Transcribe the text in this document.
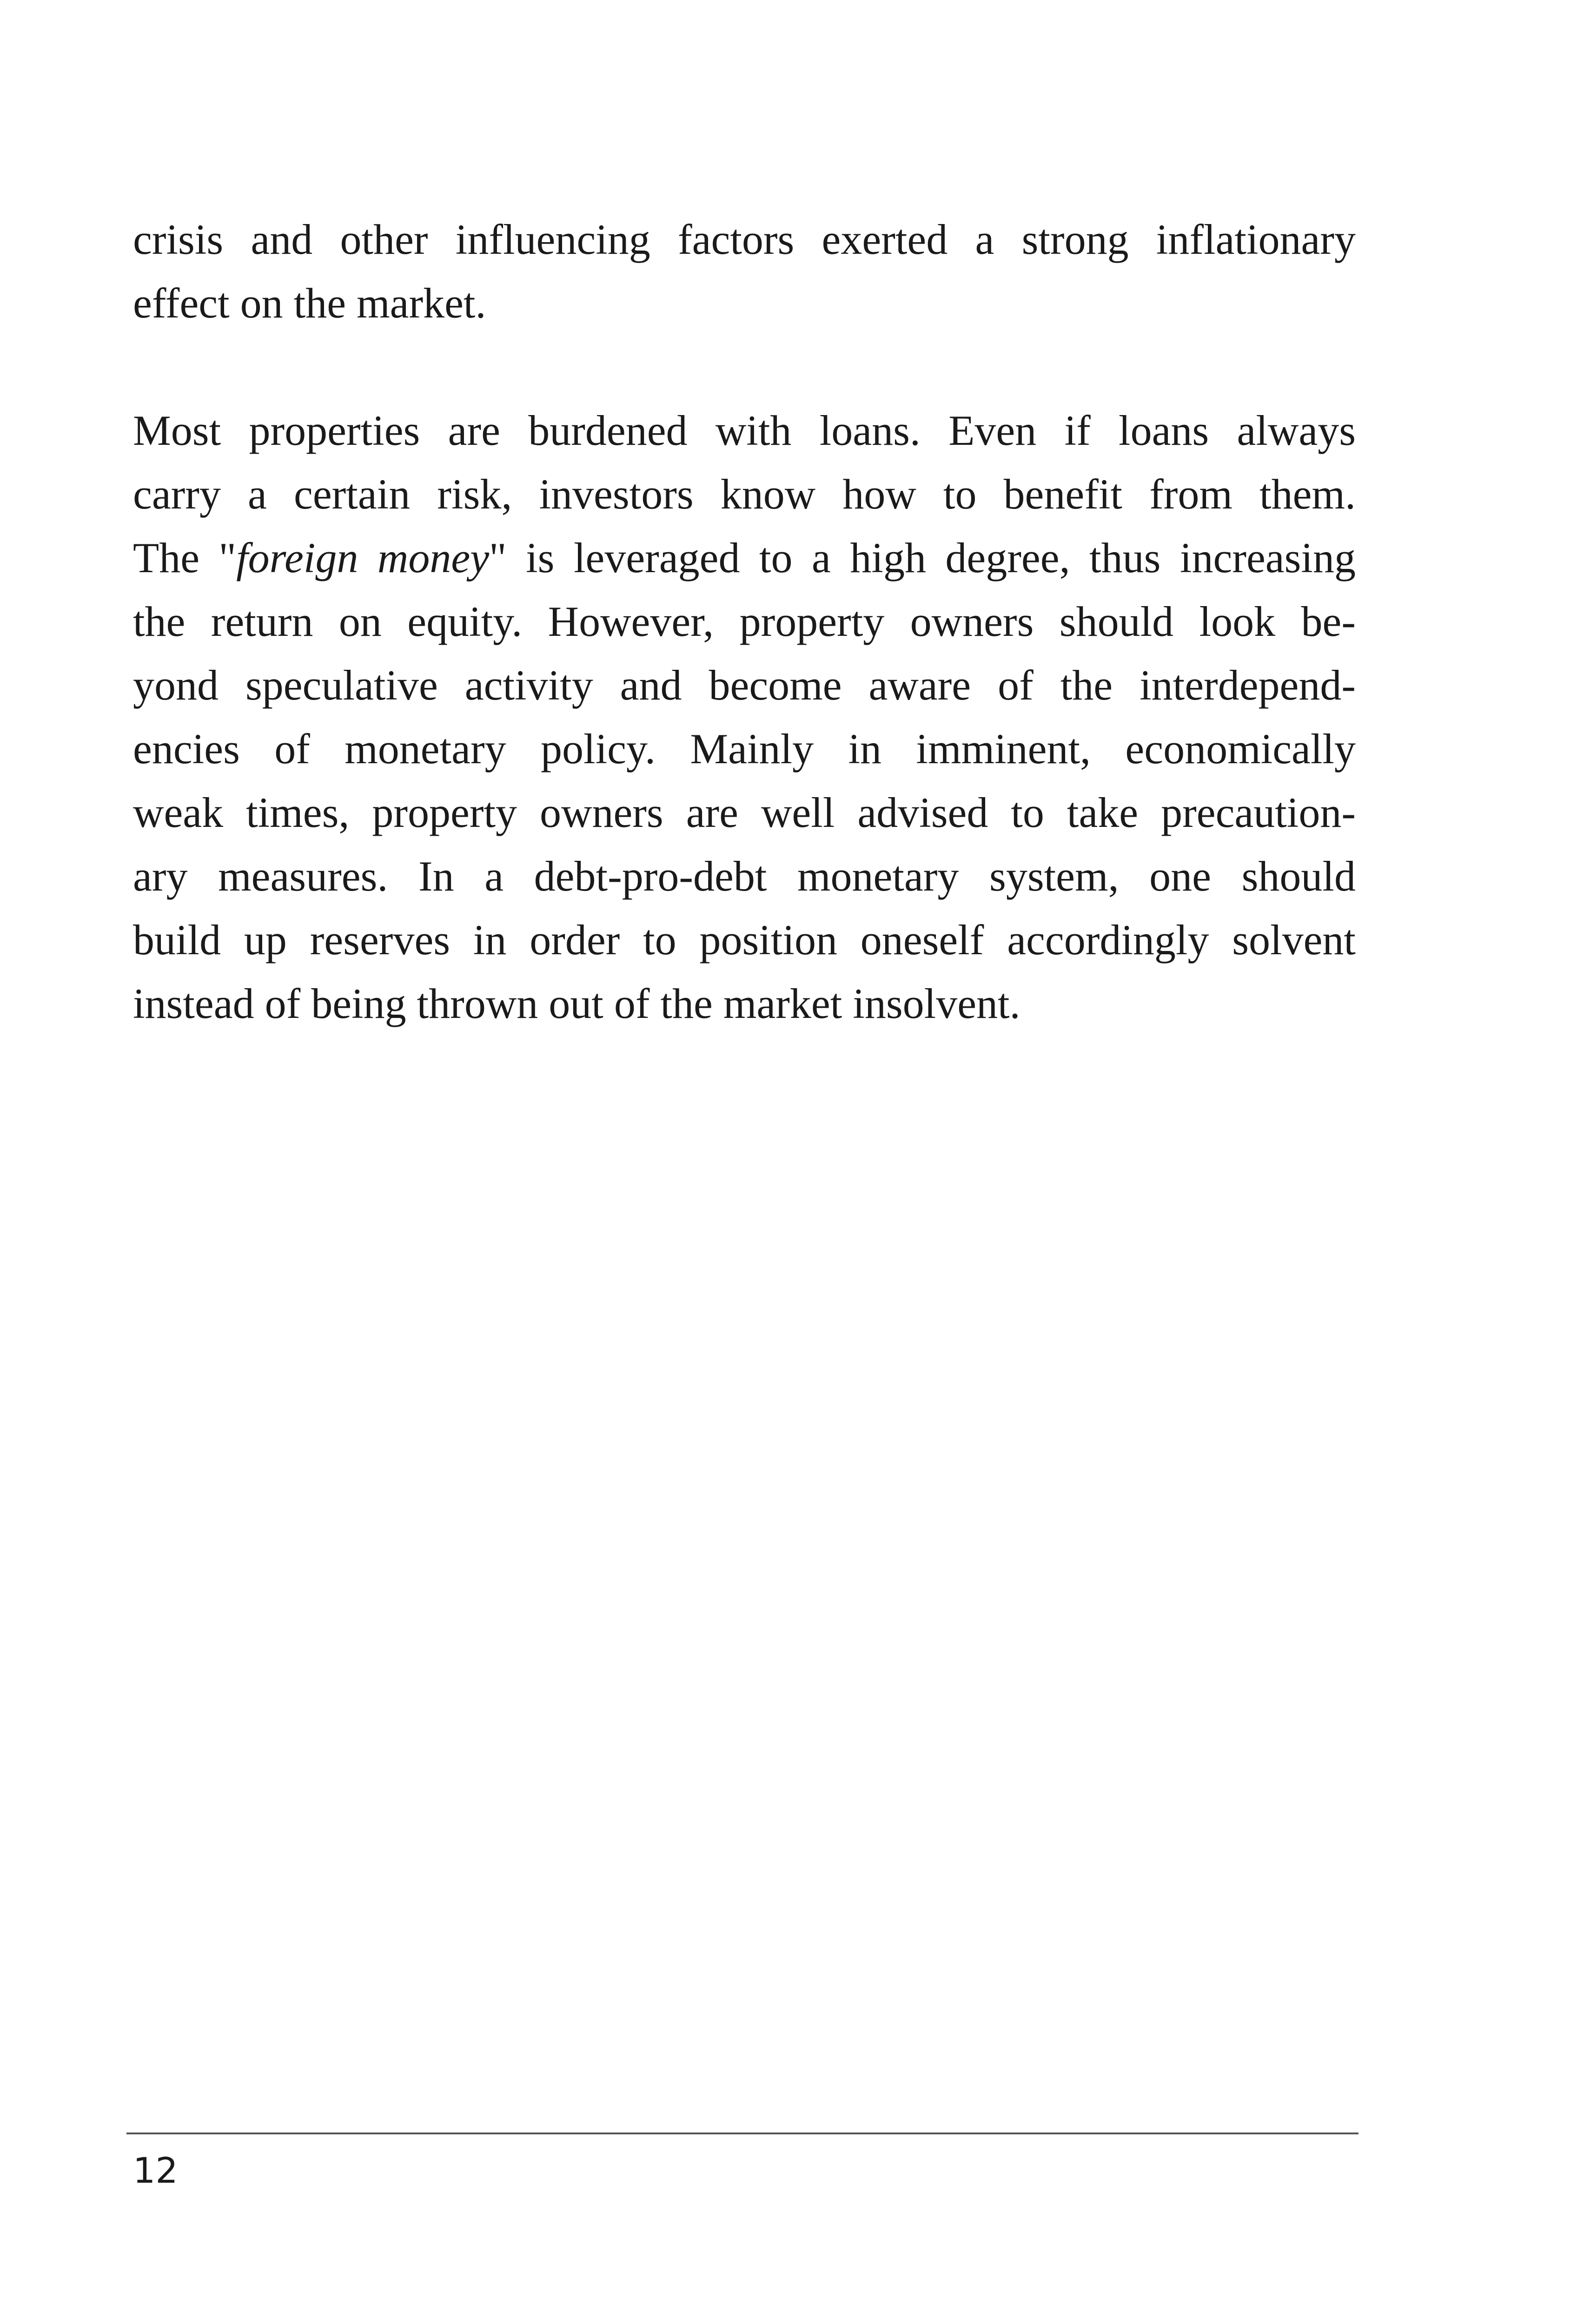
crisis and other influencing factors exerted a strong inflationary
effect on the market.
Most properties are burdened with loans. Even if loans always
carry a certain risk, investors know how to benefit from them.
The "foreign money" is leveraged to a high degree, thus increasing
the return on equity. However, property owners should look be-
yond speculative activity and become aware of the interdepend-
encies of monetary policy. Mainly in imminent, economically
weak times, property owners are well advised to take precaution-
ary measures. In a debt-pro-debt monetary system, one should
build up reserves in order to position oneself accordingly solvent
instead of being thrown out of the market insolvent.
12
